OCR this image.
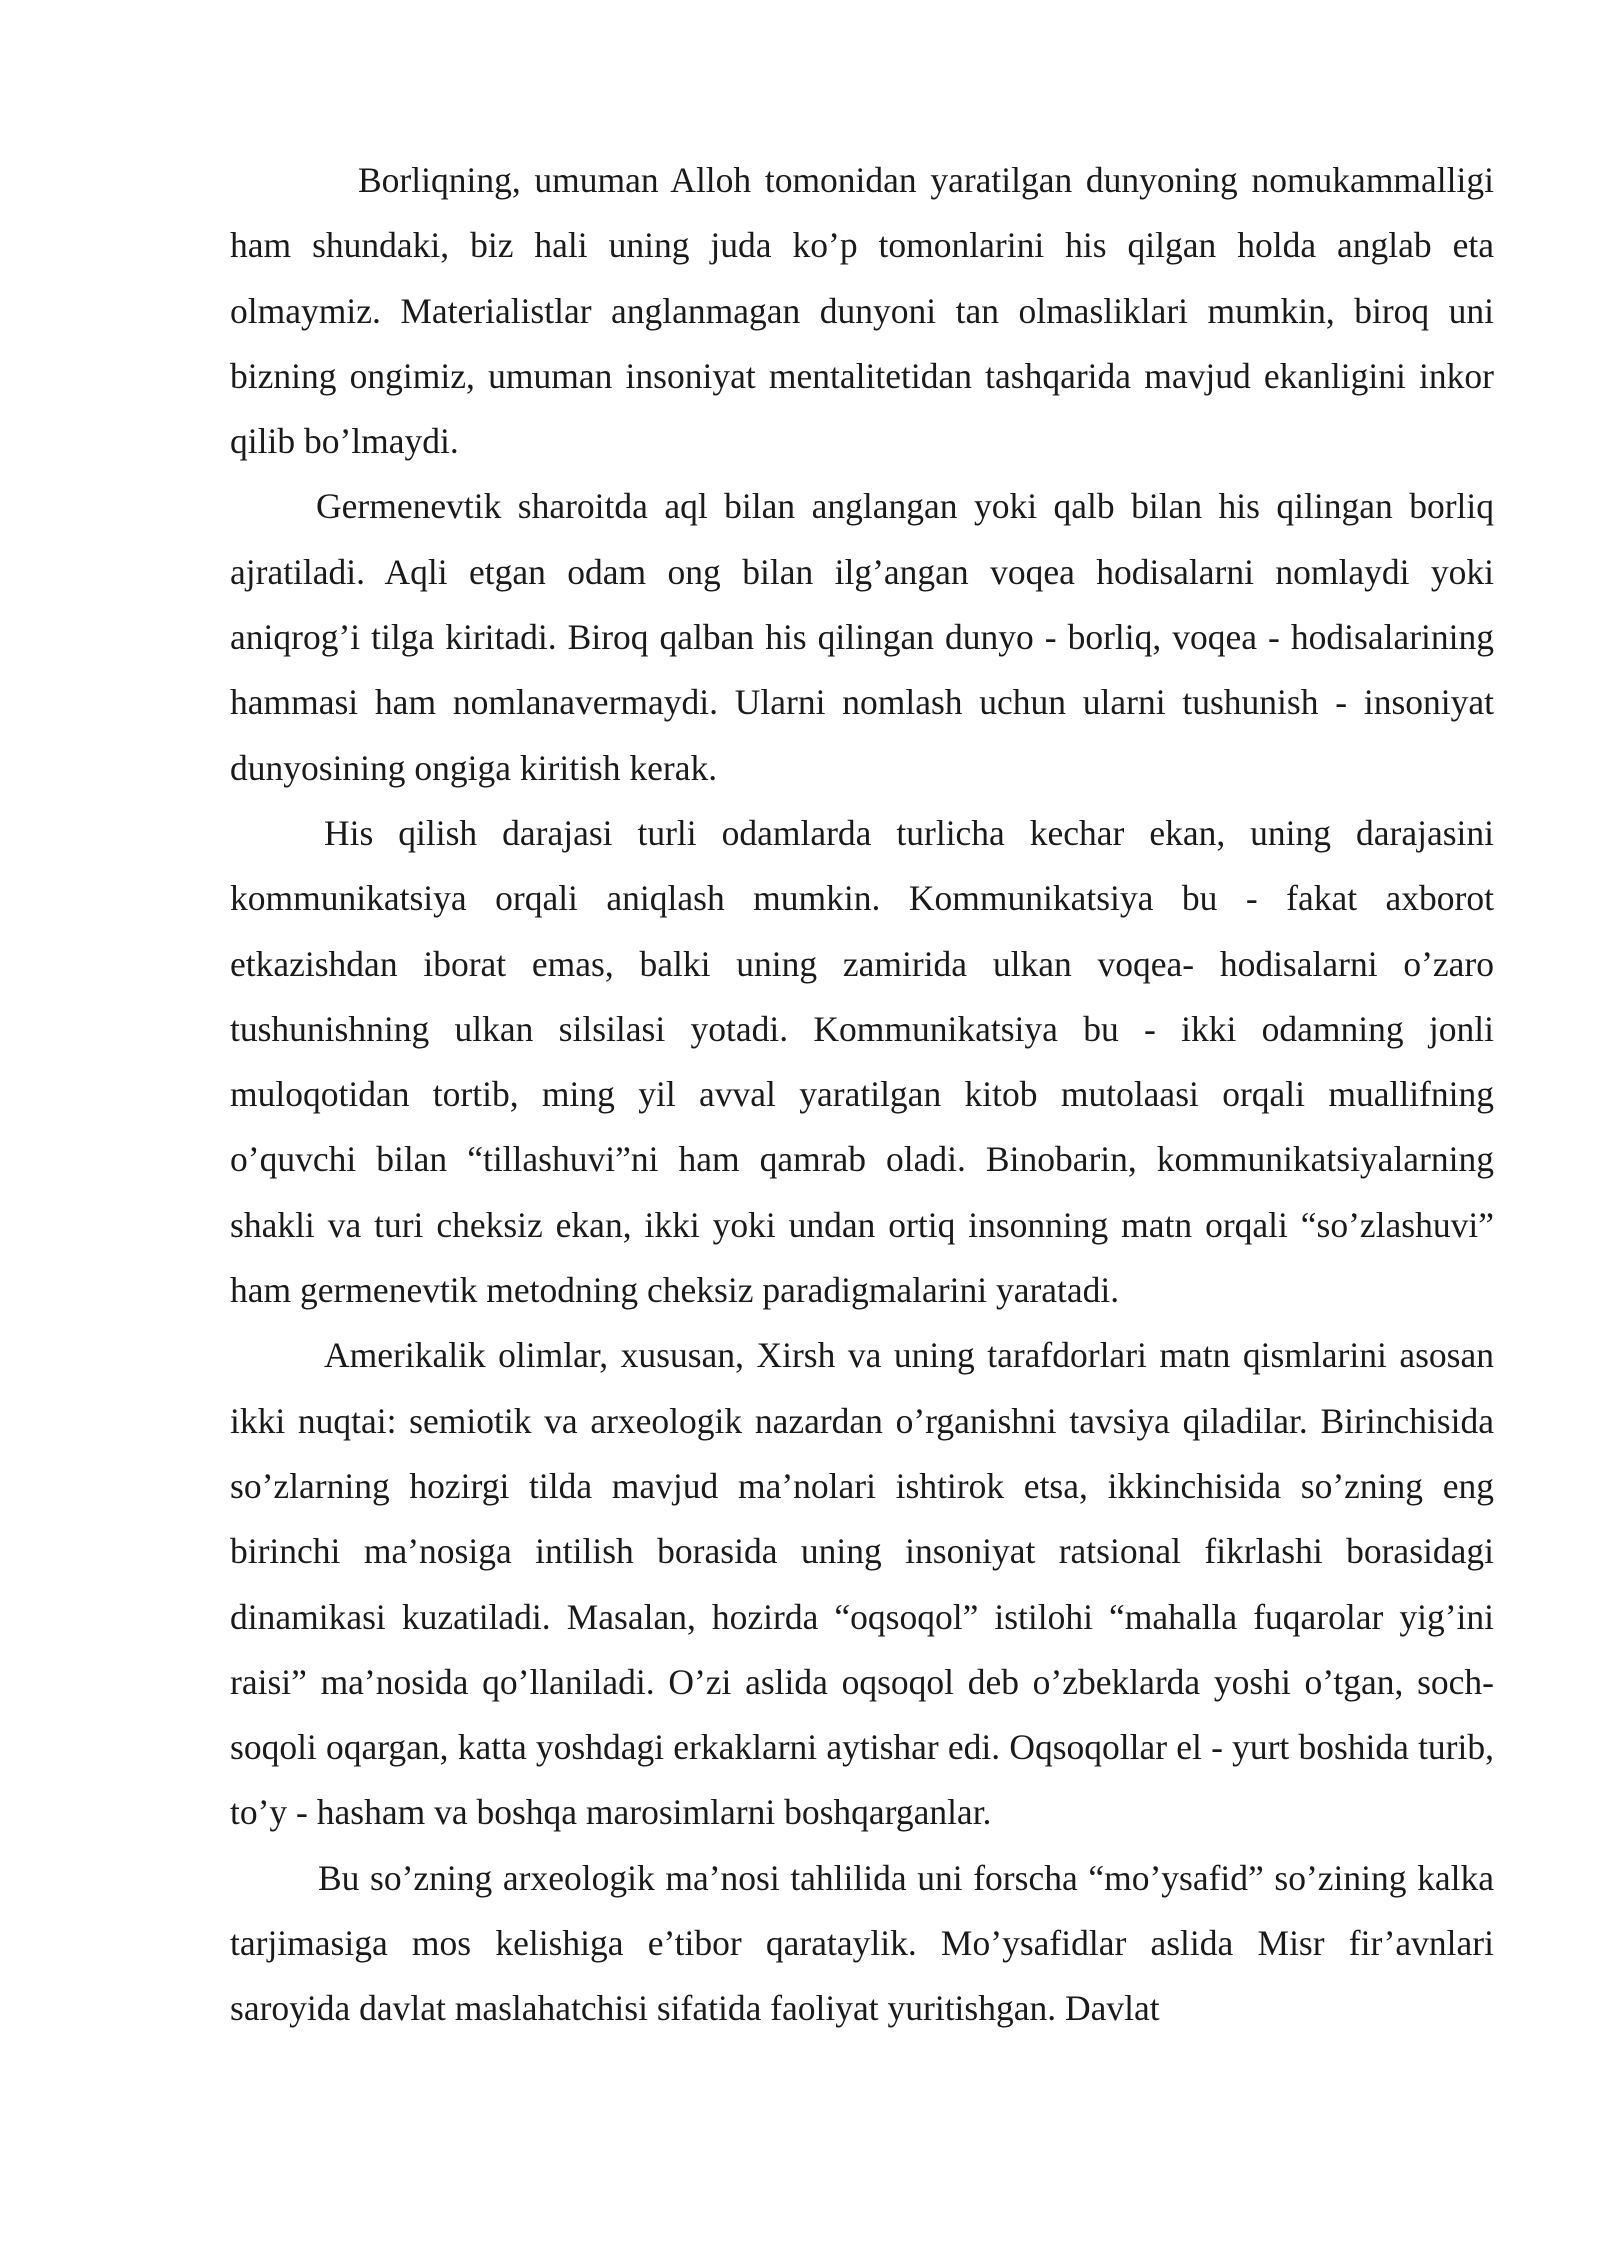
Borliqning, umuman Alloh tomonidan yaratilgan dunyoning nomukammalligi ham shundaki, biz hali uning juda ko’p tomonlarini his qilgan holda anglab eta olmaymiz. Materialistlar anglanmagan dunyoni tan olmasliklari mumkin, biroq uni bizning ongimiz, umuman insoniyat mentalitetidan tashqarida mavjud ekanligini inkor qilib bo’lmaydi.

Germenevtik sharoitda aql bilan anglangan yoki qalb bilan his qilingan borliq ajratiladi. Aqli etgan odam ong bilan ilg’angan voqea hodisalarni nomlaydi yoki aniqrog’i tilga kiritadi. Biroq qalban his qilingan dunyo - borliq, voqea - hodisalarining hammasi ham nomlanavermaydi. Ularni nomlash uchun ularni tushunish - insoniyat dunyosining ongiga kiritish kerak.

His qilish darajasi turli odamlarda turlicha kechar ekan, uning darajasini kommunikatsiya orqali aniqlash mumkin. Kommunikatsiya bu - fakat axborot etkazishdan iborat emas, balki uning zamirida ulkan voqea- hodisalarni o’zaro tushunishning ulkan silsilasi yotadi. Kommunikatsiya bu - ikki odamning jonli muloqotidan tortib, ming yil avval yaratilgan kitob mutolaasi orqali muallifning o’quvchi bilan “tillashuvi”ni ham qamrab oladi. Binobarin, kommunikatsiyalarning shakli va turi cheksiz ekan, ikki yoki undan ortiq insonning matn orqali “so’zlashuvi” ham germenevtik metodning cheksiz paradigmalarini yaratadi.

Amerikalik olimlar, xususan, Xirsh va uning tarafdorlari matn qismlarini asosan ikki nuqtai: semiotik va arxeologik nazardan o’rganishni tavsiya qiladilar. Birinchisida so’zlarning hozirgi tilda mavjud ma’nolari ishtirok etsa, ikkinchisida so’zning eng birinchi ma’nosiga intilish borasida uning insoniyat ratsional fikrlashi borasidagi dinamikasi kuzatiladi. Masalan, hozirda “oqsoqol” istilohi “mahalla fuqarolar yig’ini raisi” ma’nosida qo’llaniladi. O’zi aslida oqsoqol deb o’zbeklarda yoshi o’tgan, soch- soqoli oqargan, katta yoshdagi erkaklarni aytishar edi. Oqsoqollar el - yurt boshida turib, to’y - hasham va boshqa marosimlarni boshqarganlar.

Bu so’zning arxeologik ma’nosi tahlilida uni forscha “mo’ysafid” so’zining kalka tarjimasiga mos kelishiga e’tibor qarataylik. Mo’ysafidlar aslida Misr fir’avnlari saroyida davlat maslahatchisi sifatida faoliyat yuritishgan. Davlat
